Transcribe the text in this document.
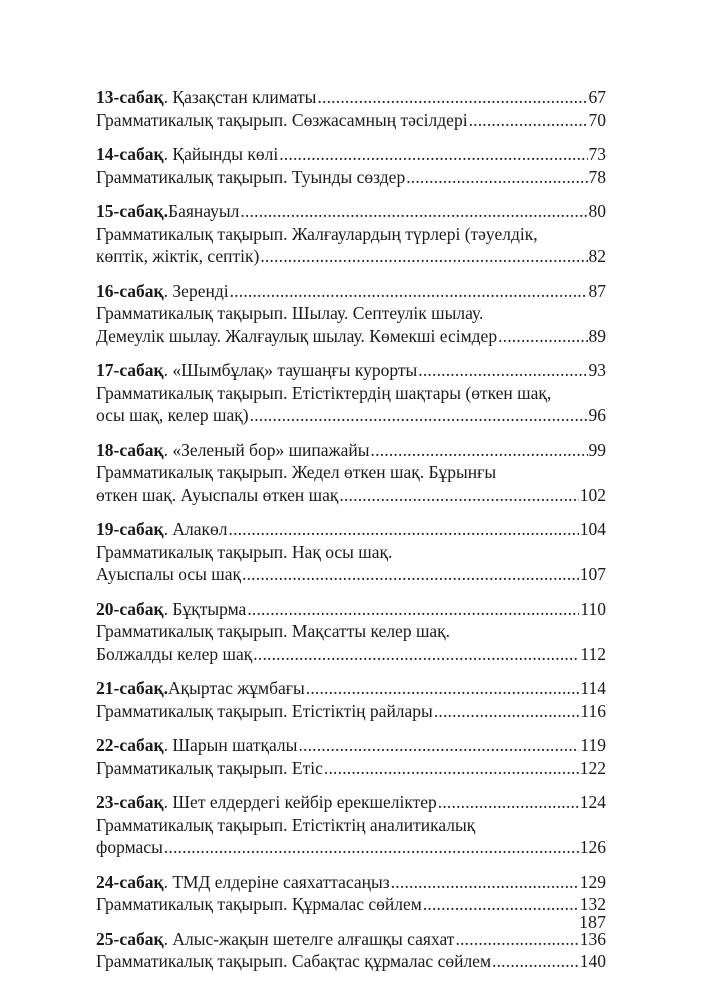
13-сабақ . Қазақстан климаты .....	67
Грамматикалық тақырып. Сөзжасамның тәсілдері .....	70
14-сабақ . Қайынды көлі .....	73
Грамматикалық тақырып. Туынды сөздер .....	78
15-сабақ. Баянауыл .....	80
Грамматикалық тақырып. Жалғаулардың түрлері (тәуелдік,
көптік, жіктік, септік) .....	82
16-сабақ . Зеренді .....	87
Грамматикалық тақырып. Шылау. Септеулік шылау.
Демеулік шылау. Жалғаулық шылау. Көмекші есімдер .....	89
17-сабақ . «Шымбұлақ» таушаңғы курорты .....	93
Грамматикалық тақырып. Етістіктердің шақтары (өткен шақ,
осы шақ, келер шақ) .....	96
18-сабақ . «Зеленый бор» шипажайы .....	99
Грамматикалық тақырып. Жедел өткен шақ. Бұрынғы
өткен шақ. Ауыспалы өткен шақ .....	102
19-сабақ . Алакөл .....	104
Грамматикалық тақырып. Нақ осы шақ.
Ауыспалы осы шақ .....	107
20-сабақ . Бұқтырма .....	110
Грамматикалық тақырып. Мақсатты келер шақ.
Болжалды келер шақ .....	112
21-сабақ. Ақыртас жұмбағы .....	114
Грамматикалық тақырып. Етістіктің райлары .....	116
22-сабақ . Шарын шатқалы .....	119
Грамматикалық тақырып. Етіс .....	122
23-сабақ . Шет елдердегі кейбір ерекшеліктер .....	124
Грамматикалық тақырып. Етістіктің аналитикалық
формасы .....	126
24-сабақ . ТМД елдеріне саяхаттасаңыз .....	129
Грамматикалық тақырып. Құрмалас сөйлем .....	132
25-сабақ . Алыс-жақын шетелге алғашқы саяхат .....	136
Грамматикалық тақырып. Сабақтас құрмалас сөйлем .....	140
187
